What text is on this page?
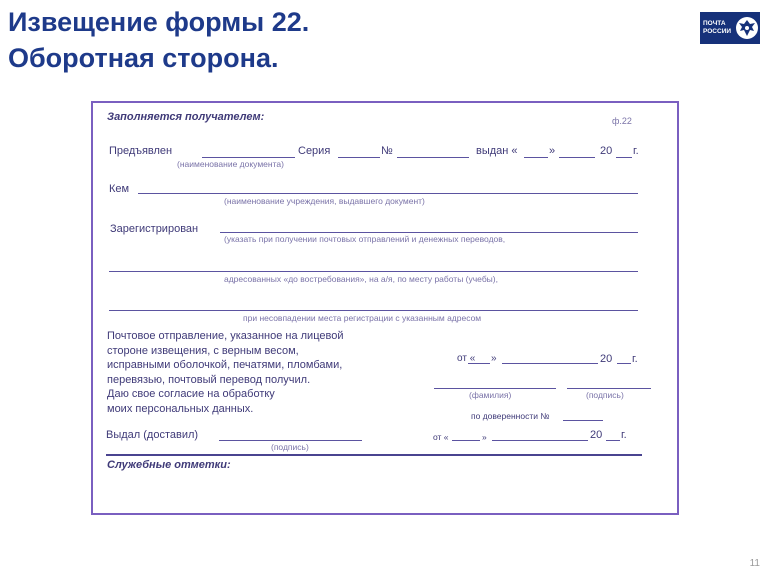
Извещение формы 22.
Оборотная сторона.
ПОЧТА
РОССИИ
Заполняется получателем:	ф.22
Предъявлен	Серия	№	выдан «	»	20 г.
(наименование документа)
Кем
(наименование учреждения, выдавшего документ)
Зарегистрирован
(указать при получении почтовых отправлений и денежных переводов,
адресованных «до востребования», на а/я, по месту работы (учебы),
при несовпадении места регистрации с указанным адресом
Почтовое отправление, указанное на лицевой
стороне извещения, с верным весом,
исправными оболочкой, печатями, пломбами,
перевязью, почтовый перевод получил.
Даю свое согласие на обработку
моих персональных данных.
от « »	20 г.
(фамилия)	(подпись)
по доверенности №
Выдал (доставил)
(подпись)
от «	»	20 г.
Служебные отметки:
11
